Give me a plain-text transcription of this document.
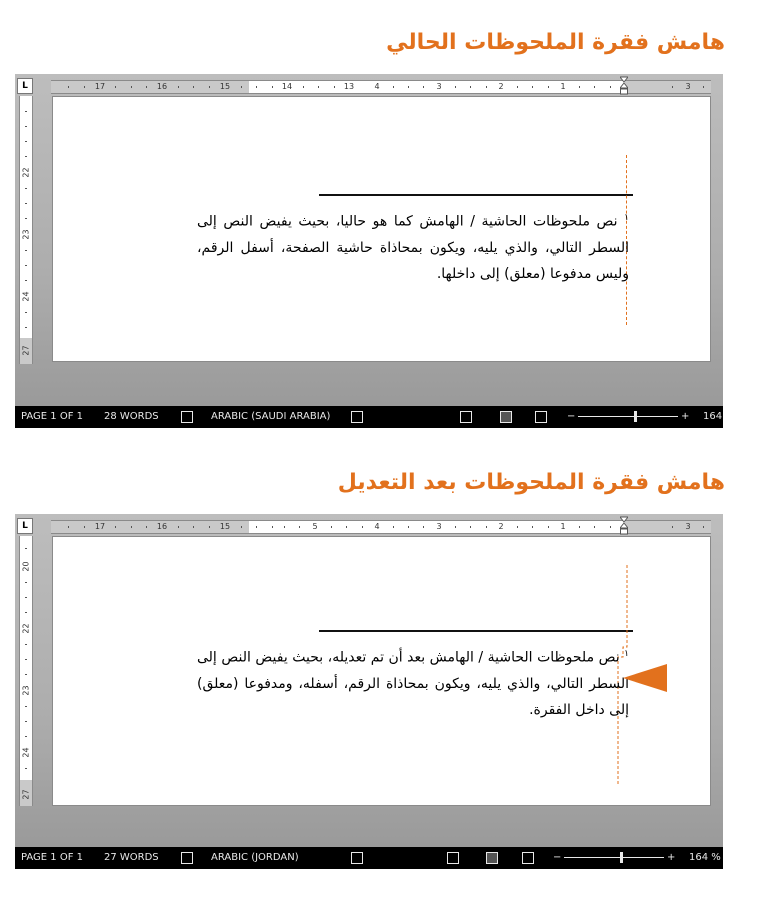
هامش فقرة الملحوظات الحالي
L	17	16	15	14	13	4	3	2	1	3
22
23
24
27
$^١$ نص ملحوظات الحاشية / الهامش كما هو حاليا، بحيث يفيض النص إلى السطر التالي، والذي يليه، ويكون بمحاذاة حاشية الصفحة، أسفل الرقم، وليس مدفوعا (معلق) إلى داخلها.
PAGE 1 OF 1 28 WORDS	ARABIC (SAUDI ARABIA)	−	+ 164
هامش فقرة الملحوظات بعد التعديل
L	17	16	15	5	4	3	2	1	3
20
22
23
24
27
$^١$ نص ملحوظات الحاشية / الهامش بعد أن تم تعديله، بحيث يفيض النص إلى السطر التالي، والذي يليه، ويكون بمحاذاة الرقم، أسفله، ومدفوعا (معلق) إلى داخل الفقرة.
PAGE 1 OF 1 27 WORDS	ARABIC (JORDAN)	−	+ 164 %
